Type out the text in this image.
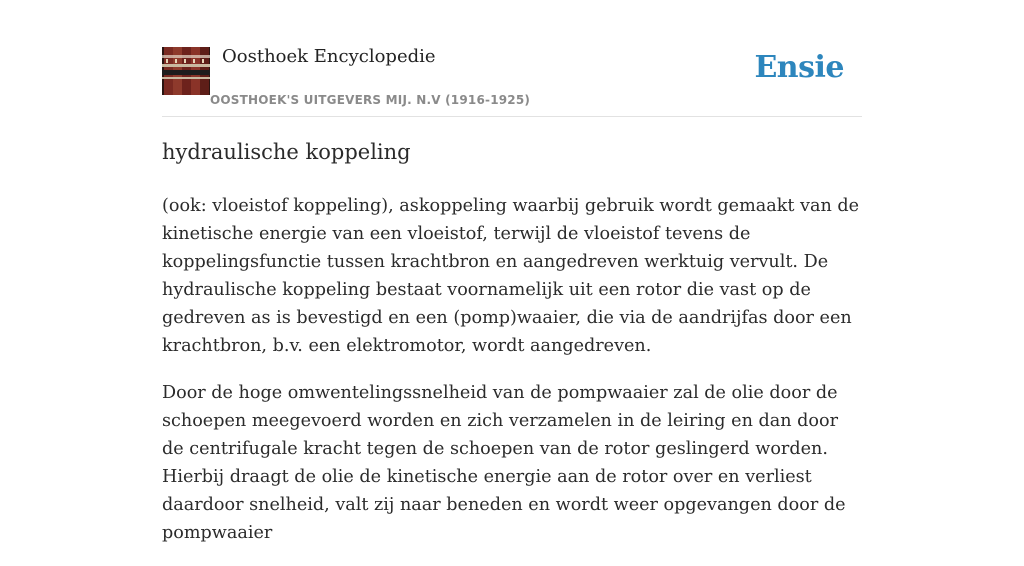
Oosthoek Encyclopedie
OOSTHOEK'S UITGEVERS MIJ. N.V (1916-1925)
Ensie
hydraulische koppeling

(ook: vloeistof koppeling), askoppeling waarbij gebruik wordt gemaakt van de kinetische energie van een vloeistof, terwijl de vloeistof tevens de koppelingsfunctie tussen krachtbron en aangedreven werktuig vervult. De hydraulische koppeling bestaat voornamelijk uit een rotor die vast op de gedreven as is bevestigd en een (pomp)waaier, die via de aandrijfas door een krachtbron, b.v. een elektromotor, wordt aangedreven.

Door de hoge omwentelingssnelheid van de pompwaaier zal de olie door de schoepen meegevoerd worden en zich verzamelen in de leiring en dan door de centrifugale kracht tegen de schoepen van de rotor geslingerd worden. Hierbij draagt de olie de kinetische energie aan de rotor over en verliest daardoor snelheid, valt zij naar beneden en wordt weer opgevangen door de pompwaaier
